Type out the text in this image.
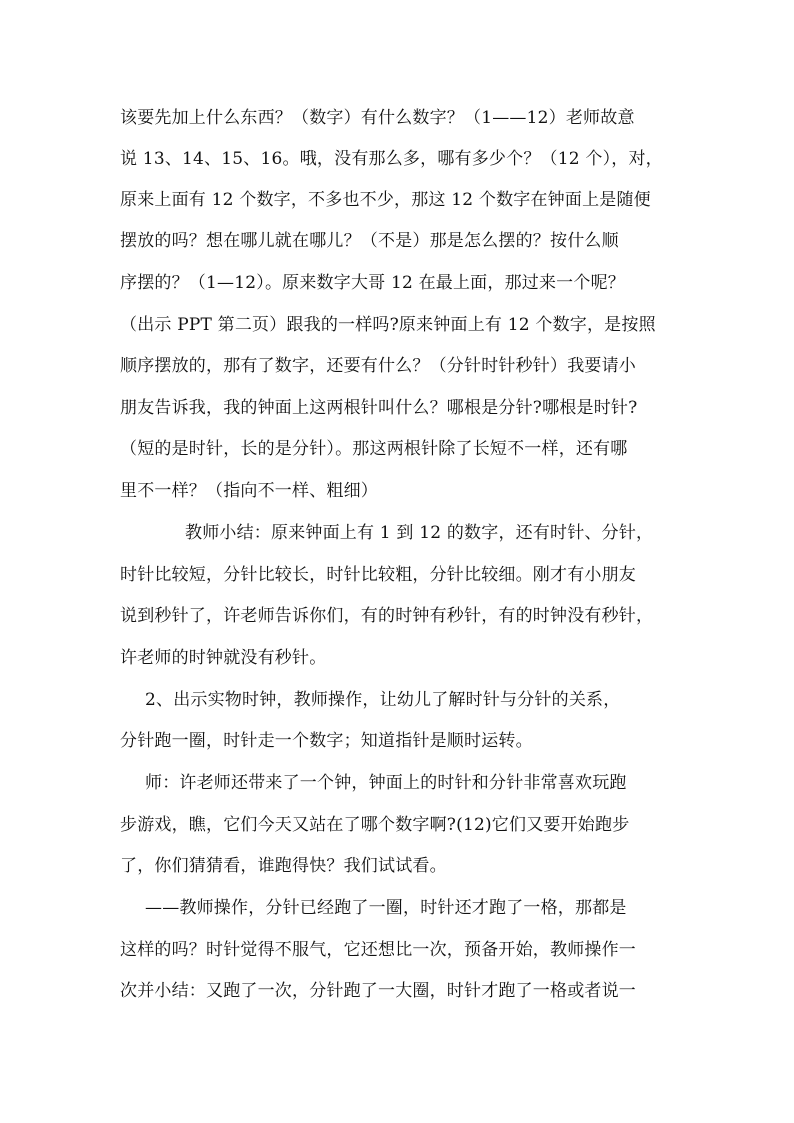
该要先加上什么东西？（数字）有什么数字？（1——12）老师故意
说 13、14、15、16。哦，没有那么多，哪有多少个？（12 个），对，
原来上面有 12 个数字，不多也不少，那这 12 个数字在钟面上是随便
摆放的吗？想在哪儿就在哪儿？（不是）那是怎么摆的？按什么顺
序摆的？（1—12）。原来数字大哥 12 在最上面，那过来一个呢？
（出示 PPT 第二页）跟我的一样吗?原来钟面上有 12 个数字，是按照
顺序摆放的，那有了数字，还要有什么？（分针时针秒针）我要请小
朋友告诉我，我的钟面上这两根针叫什么？哪根是分针?哪根是时针?
（短的是时针，长的是分针）。那这两根针除了长短不一样，还有哪
里不一样？（指向不一样、粗细）
教师小结：原来钟面上有 1 到 12 的数字，还有时针、分针，
时针比较短，分针比较长，时针比较粗，分针比较细。刚才有小朋友
说到秒针了，许老师告诉你们，有的时钟有秒针，有的时钟没有秒针，
许老师的时钟就没有秒针。
2、出示实物时钟，教师操作，让幼儿了解时针与分针的关系，
分针跑一圈，时针走一个数字；知道指针是顺时运转。
师：许老师还带来了一个钟，钟面上的时针和分针非常喜欢玩跑
步游戏，瞧，它们今天又站在了哪个数字啊?(12)它们又要开始跑步
了，你们猜猜看，谁跑得快？我们试试看。
——教师操作，分针已经跑了一圈，时针还才跑了一格，那都是
这样的吗？时针觉得不服气，它还想比一次，预备开始，教师操作一
次并小结：又跑了一次，分针跑了一大圈，时针才跑了一格或者说一
